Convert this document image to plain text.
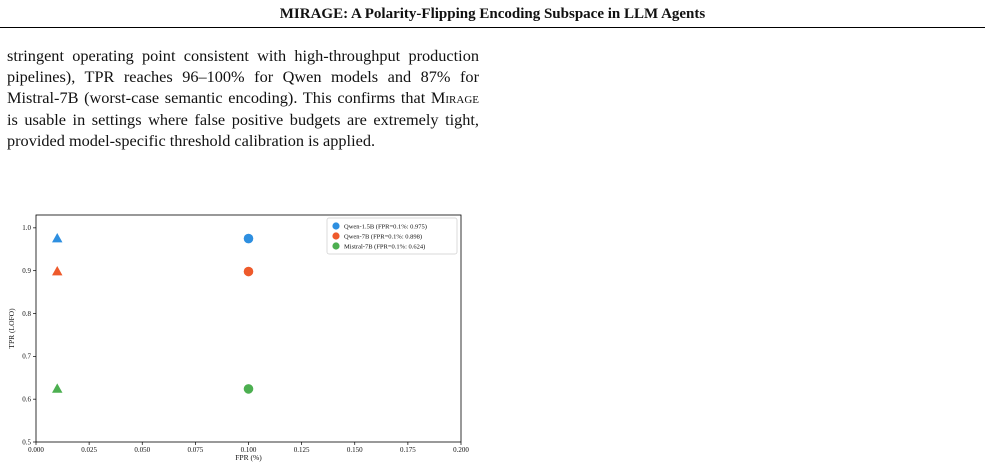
MIRAGE: A Polarity-Flipping Encoding Subspace in LLM Agents

stringent operating point consistent with high-throughput production pipelines), TPR reaches 96–100% for Qwen models and 87% for Mistral-7B (worst-case semantic encoding). This confirms that Mirage is usable in settings where false positive budgets are extremely tight, provided model-specific threshold calibration is applied.

0.000	0.025	0.050	0.075	0.100	0.125	0.150	0.175	0.200
0.5
0.6
0.7
0.8
0.9
1.0
FPR (%)
TPR (LOFO)
Qwen-1.5B (FPR=0.1%: 0.975)
Qwen-7B (FPR=0.1%: 0.898)
Mistral-7B (FPR=0.1%: 0.624)
